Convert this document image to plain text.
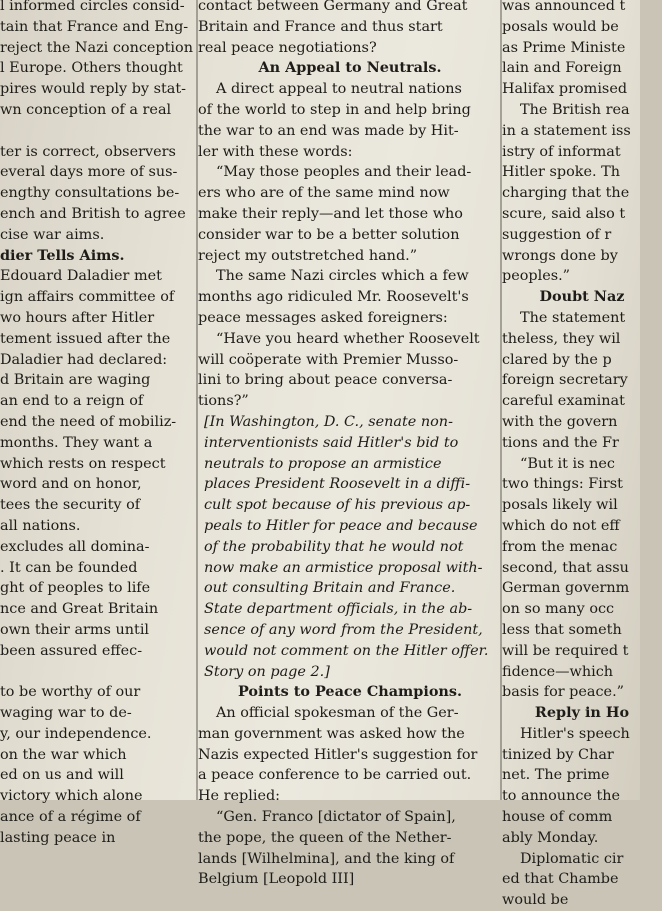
l informed circles consid-
tain that France and Eng-
reject the Nazi conception
l Europe. Others thought
pires would reply by stat-
wn conception of a real

ter is correct, observers
everal days more of sus-
engthy consultations be-
ench and British to agree
cise war aims.
dier Tells Aims.
Edouard Daladier met
ign affairs committee of
wo hours after Hitler
tement issued after the
Daladier had declared:
d Britain are waging
an end to a reign of
end the need of mobiliz-
months. They want a
which rests on respect
word and on honor,
tees the security of
all nations.
excludes all domina-
. It can be founded
ght of peoples to life
nce and Great Britain
own their arms until
been assured effec-

to be worthy of our
waging war to de-
y, our independence.
on the war which
ed on us and will
victory which alone
ance of a régime of
lasting peace in
contact between Germany and Great
Britain and France and thus start
real peace negotiations?
An Appeal to Neutrals.
A direct appeal to neutral nations
of the world to step in and help bring
the war to an end was made by Hit-
ler with these words:
“May those peoples and their lead-
ers who are of the same mind now
make their reply—and let those who
consider war to be a better solution
reject my outstretched hand.”
The same Nazi circles which a few
months ago ridiculed Mr. Roosevelt's
peace messages asked foreigners:
“Have you heard whether Roosevelt
will coöperate with Premier Musso-
lini to bring about peace conversa-
tions?”
[In Washington, D. C., senate non-
interventionists said Hitler's bid to
neutrals to propose an armistice
places President Roosevelt in a diffi-
cult spot because of his previous ap-
peals to Hitler for peace and because
of the probability that he would not
now make an armistice proposal with-
out consulting Britain and France.
State department officials, in the ab-
sence of any word from the President,
would not comment on the Hitler offer.
Story on page 2.]
Points to Peace Champions.
An official spokesman of the Ger-
man government was asked how the
Nazis expected Hitler's suggestion for
a peace conference to be carried out.
He replied:
“Gen. Franco [dictator of Spain],
the pope, the queen of the Nether-
lands [Wilhelmina], and the king of
Belgium [Leopold III]
was announced t
posals would be
as Prime Ministe
lain and Foreign
Halifax promised
The British rea
in a statement iss
istry of informat
Hitler spoke. Th
charging that the
scure, said also t
suggestion of r
wrongs done by
peoples.”
Doubt Naz
The statement
theless, they wil
clared by the p
foreign secretary
careful examinat
with the govern
tions and the Fr
“But it is nec
two things: First
posals likely wil
which do not eff
from the menac
second, that assu
German governm
on so many occ
less that someth
will be required t
fidence—which
basis for peace.”
Reply in Ho
Hitler's speech
tinized by Char
net. The prime
to announce the
house of comm
ably Monday.
Diplomatic cir
ed that Chambe
would be
